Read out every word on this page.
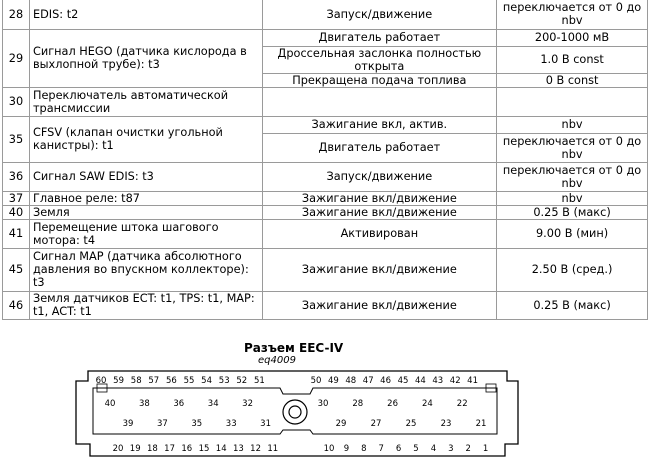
28	EDIS: t2	Запуск/движение	переключается от 0 до nbv
29	Сигнал HEGO (датчика кислорода в выхлопной трубе): t3	Двигатель работает	200-1000 мВ
		Дроссельная заслонка полностью открыта	1.0 В const
		Прекращена подача топлива	0 В const
30	Переключатель автоматической трансмиссии		
35	CFSV (клапан очистки угольной канистры): t1	Зажигание вкл, актив.	nbv
		Двигатель работает	переключается от 0 до nbv
36	Сигнал SAW EDIS: t3	Запуск/движение	переключается от 0 до nbv
37	Главное реле: t87	Зажигание вкл/движение	nbv
40	Земля	Зажигание вкл/движение	0.25 В (макс)
41	Перемещение штока шагового мотора: t4	Активирован	9.00 В (мин)
45	Сигнал MAP (датчика абсолютного давления во впускном коллекторе): t3	Зажигание вкл/движение	2.50 В (сред.)
46	Земля датчиков ECT: t1, TPS: t1, MAP: t1, ACT: t1	Зажигание вкл/движение	0.25 В (макс)
Разъем EEC-IV
eq4009
60 59 58 57 56 55 54 53 52 51	50 49 48 47 46 45 44 43 42 41
40	38	36	34	32	30	28	26	24	22
39	37	35	33	31	29	27	25	23	21
20 19 18 17 16 15 14 13 12 11	10 9 8 7 6 5 4 3 2 1
